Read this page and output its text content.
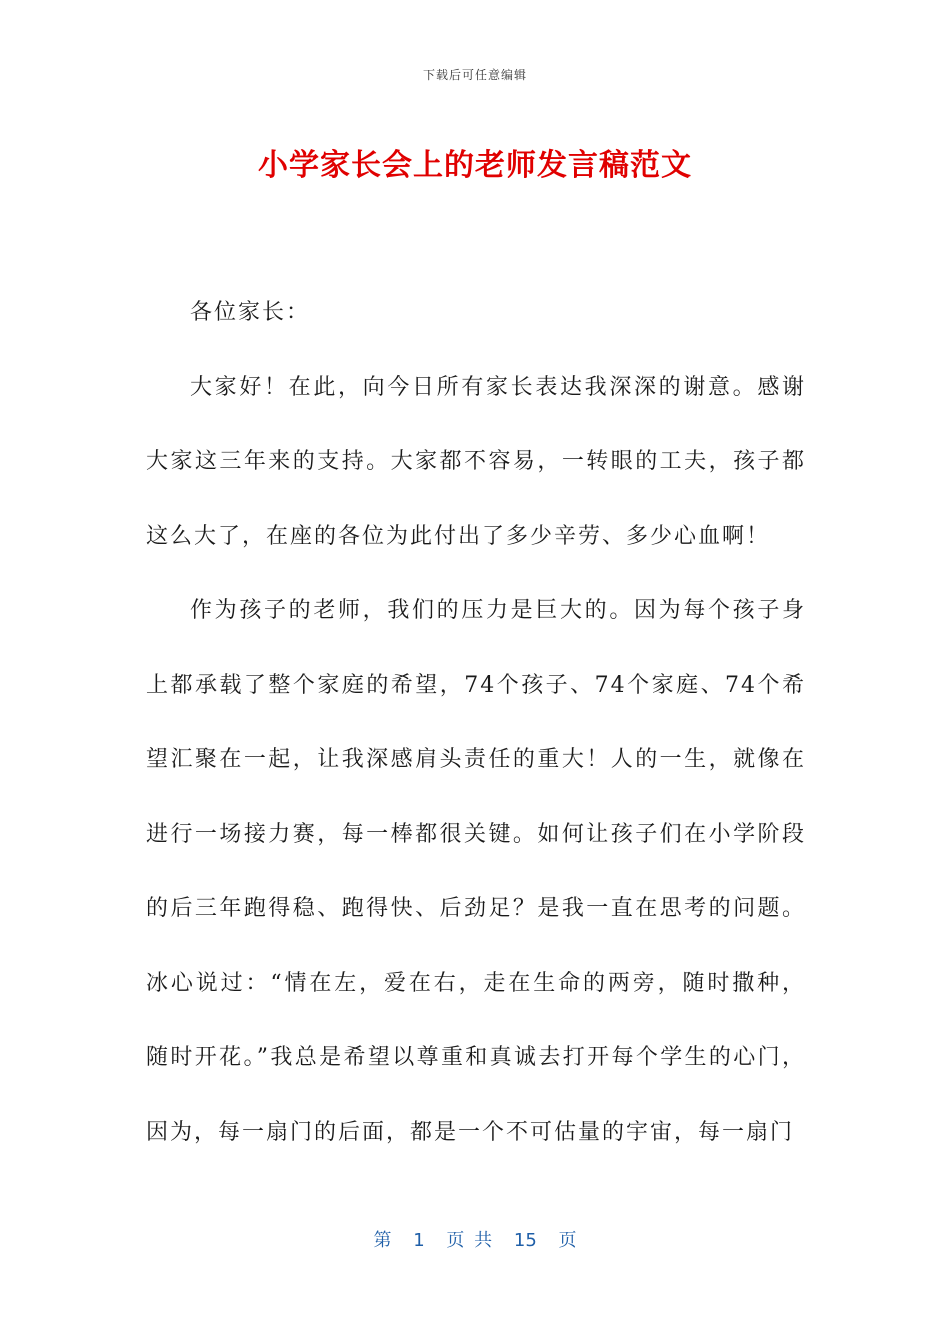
下载后可任意编辑
小学家长会上的老师发言稿范文

各位家长：

大家好！在此，向今日所有家长表达我深深的谢意。感谢大家这三年来的支持。大家都不容易，一转眼的工夫，孩子都这么大了，在座的各位为此付出了多少辛劳、多少心血啊！

作为孩子的老师，我们的压力是巨大的。因为每个孩子身上都承载了整个家庭的希望，74个孩子、74个家庭、74个希望汇聚在一起，让我深感肩头责任的重大！人的一生，就像在进行一场接力赛，每一棒都很关键。如何让孩子们在小学阶段的后三年跑得稳、跑得快、后劲足？是我一直在思考的问题。冰心说过：“情在左，爱在右，走在生命的两旁，随时撒种，随时开花。”我总是希望以尊重和真诚去打开每个学生的心门，因为，每一扇门的后面，都是一个不可估量的宇宙，每一扇门

第 1 页 共 15 页
